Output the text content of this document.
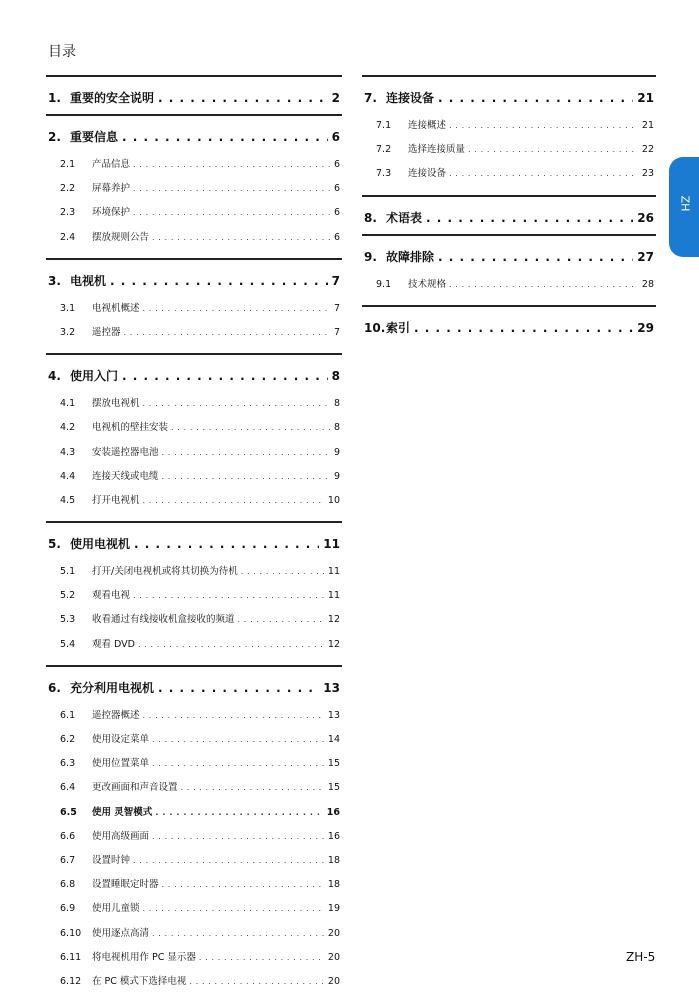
目录
1. 重要的安全说明 . . .	2
2. 重要信息 . . .	6
2.1	产品信息 . . .	6
2.2	屏幕养护 . . .	6
2.3	环境保护 . . .	6
2.4	摆放规则公告 . . .	6
3. 电视机 . . .	7
3.1	电视机概述 . . .	7
3.2	遥控器 . . .	7
4. 使用入门 . . .	8
4.1	摆放电视机 . . .	8
4.2	电视机的壁挂安装 . . .	8
4.3	安装遥控器电池 . . .	9
4.4	连接天线或电缆 . . .	9
4.5	打开电视机 . . .	10
5. 使用电视机 . . .	11
5.1	打开/关闭电视机或将其切换为待机 . . .	11
5.2	观看电视 . . .	11
5.3	收看通过有线接收机盒接收的频道 . . .	12
5.4	观看 DVD . . .	12
6. 充分利用电视机 . . .	13
6.1	遥控器概述 . . .	13
6.2	使用设定菜单 . . .	14
6.3	使用位置菜单 . . .	15
6.4	更改画面和声音设置 . . .	15
6.5	使用 灵智模式 . . .	16
6.6	使用高级画面 . . .	16
6.7	设置时钟 . . .	18
6.8	设置睡眠定时器 . . .	18
6.9	使用儿童锁 . . .	19
6.10	使用逐点高清 . . .	20
6.11	将电视机用作 PC 显示器 . . .	20
6.12	在 PC 模式下选择电视 . . .	20
7. 连接设备 . . .	21
7.1	连接概述 . . .	21
7.2	选择连接质量 . . .	22
7.3	连接设备 . . .	23
8. 术语表 . . .	26
9. 故障排除 . . .	27
9.1	技术规格 . . .	28
10. 索引 . . .	29
ZH
ZH-5
